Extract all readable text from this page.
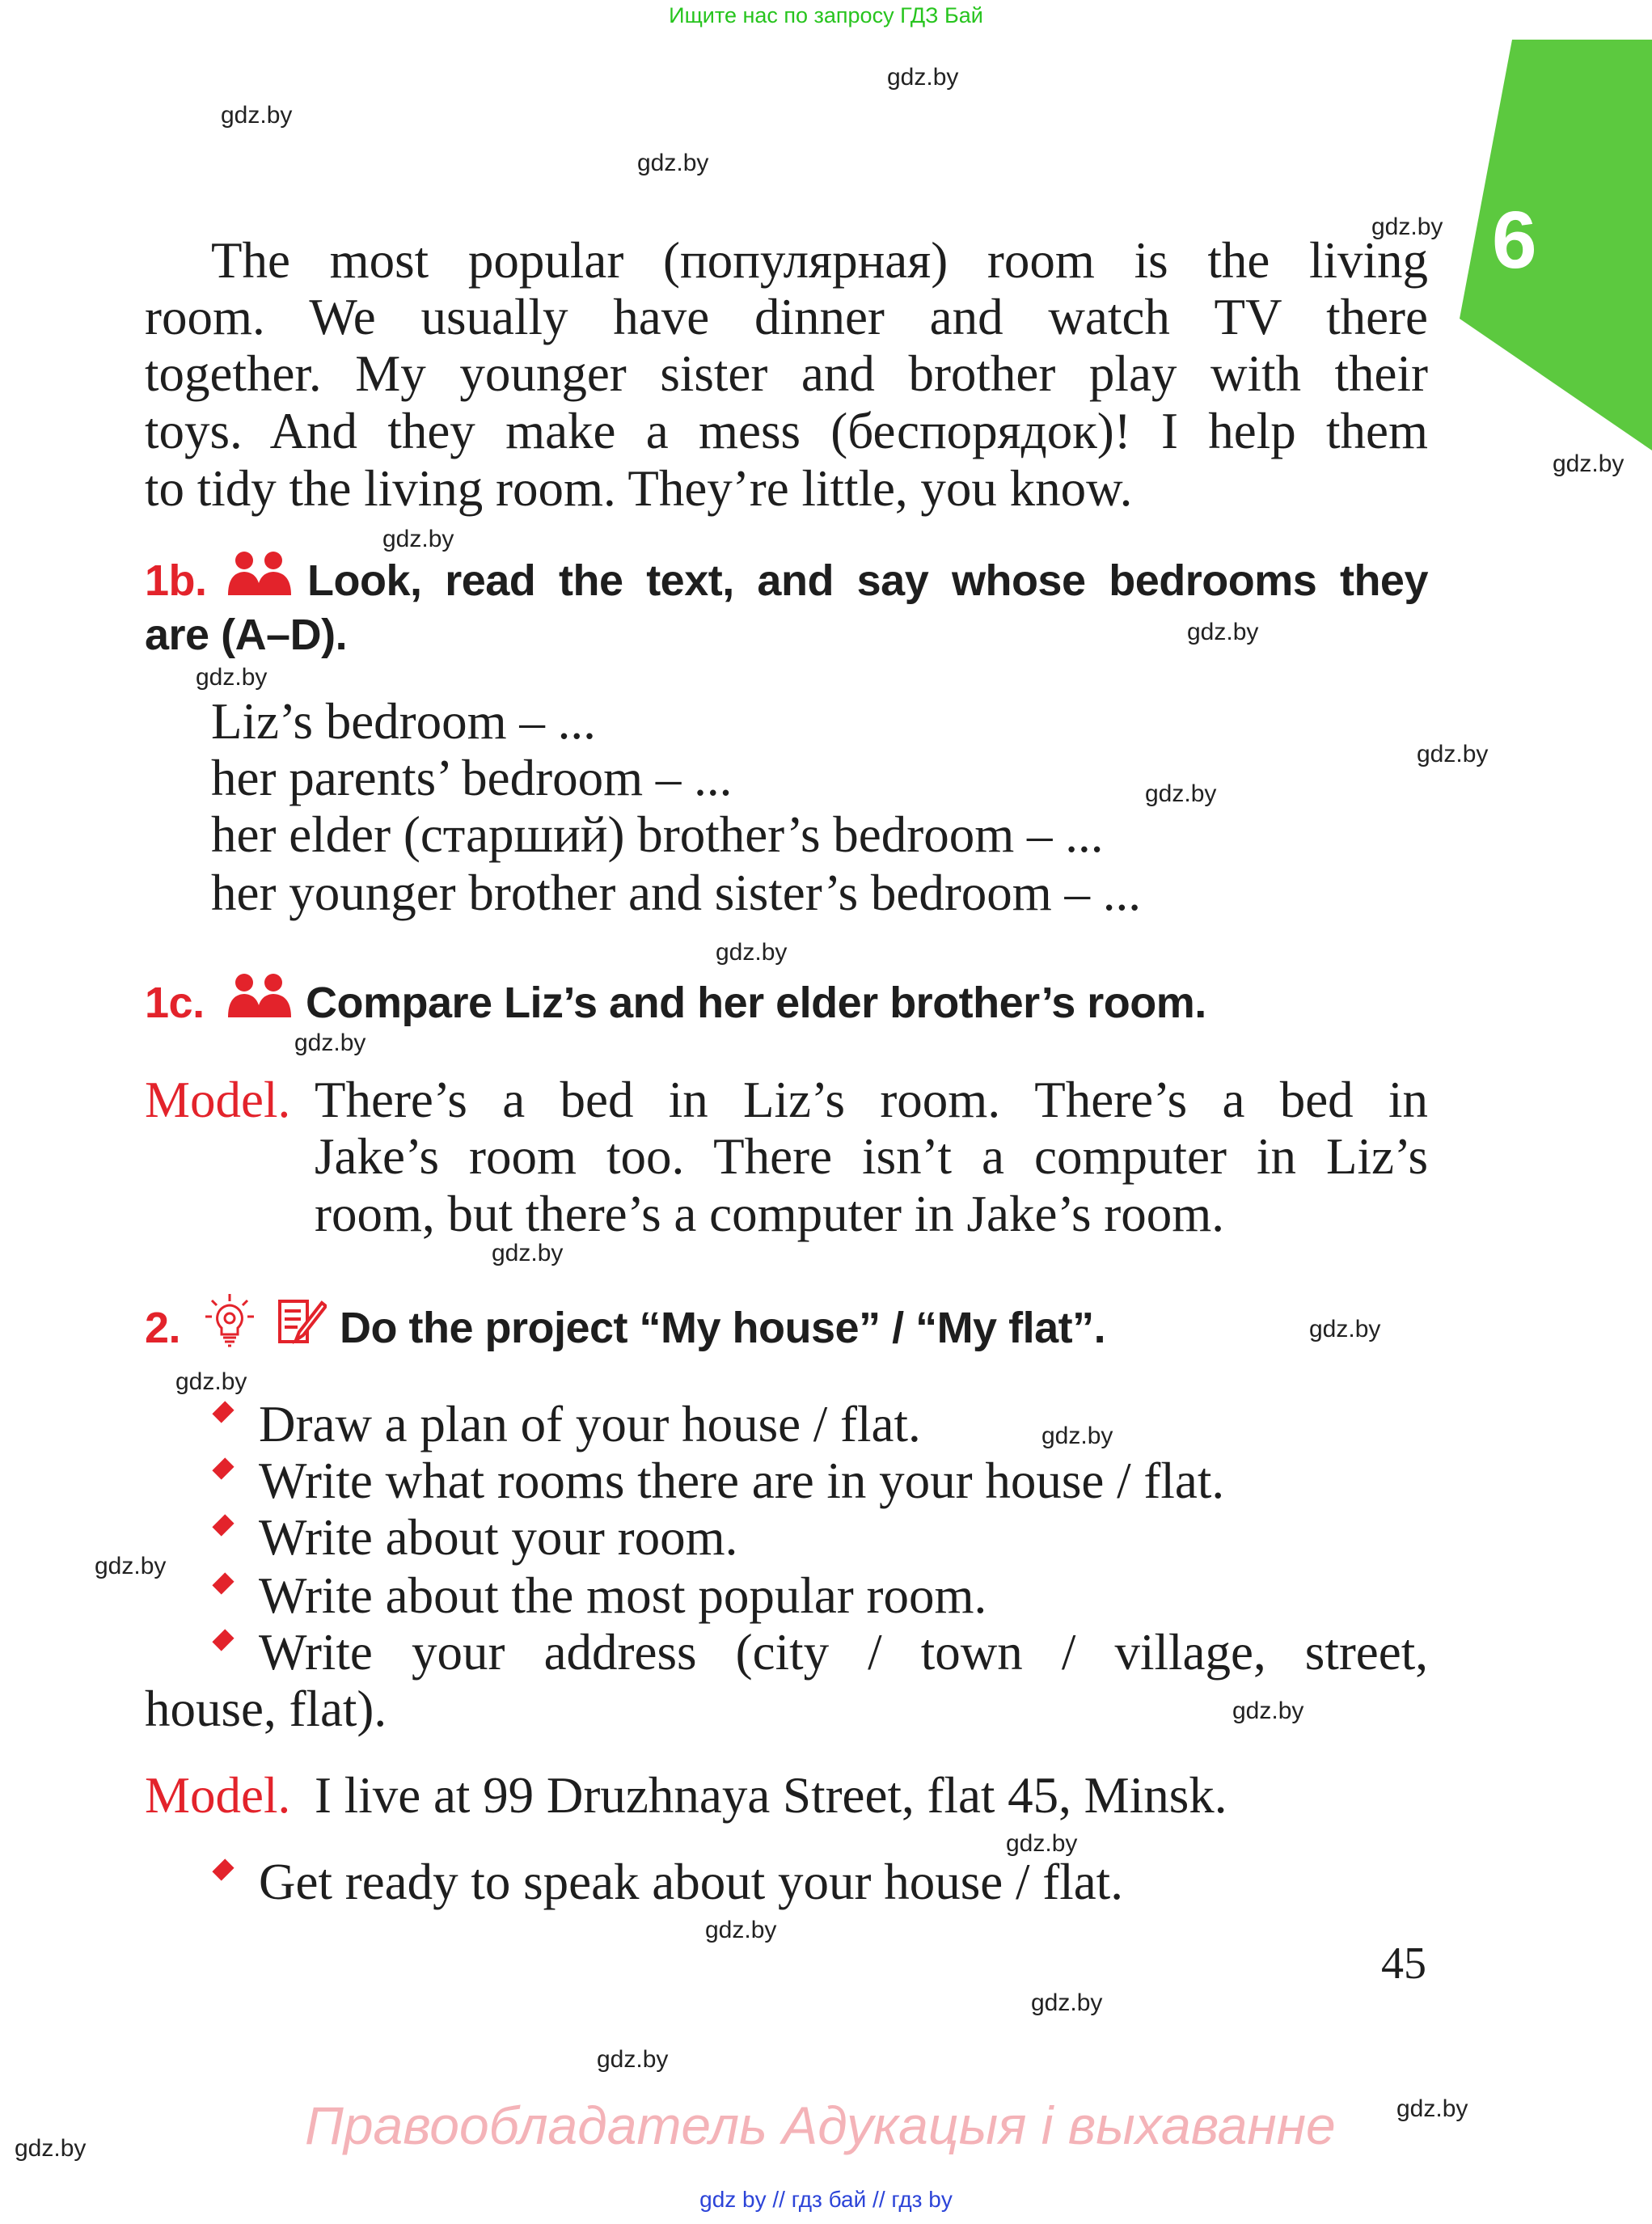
Ищите нас по запросу ГДЗ Бай
6
The most popular (популярная) room is the living
room. We usually have dinner and watch TV there
together. My younger sister and brother play with their
toys. And they make a mess (беспорядок)! I help them
to tidy the living room. They’re little, you know.
1b. Look, read the text, and say whose bedrooms they
are (A–D).
Liz’s bedroom – ...
her parents’ bedroom – ...
her elder (старший) brother’s bedroom – ...
her younger brother and sister’s bedroom – ...
1c. Compare Liz’s and her elder brother’s room.
Model. There’s a bed in Liz’s room. There’s a bed in
Jake’s room too. There isn’t a computer in Liz’s
room, but there’s a computer in Jake’s room.
2.	Do the project “My house” / “My flat”.
Draw a plan of your house / flat.
Write what rooms there are in your house / flat.
Write about your room.
Write about the most popular room.
Write your address (city / town / village, street,
house, flat).
Model. I live at 99 Druzhnaya Street, flat 45, Minsk.
Get ready to speak about your house / flat.
45
Правообладатель Адукацыя і выхаванне
gdz by // гдз бай // гдз by
gdz.by
gdz.by
gdz.by
gdz.by
gdz.by
gdz.by
gdz.by
gdz.by
gdz.by
gdz.by
gdz.by
gdz.by
gdz.by
gdz.by
gdz.by
gdz.by
gdz.by
gdz.by
gdz.by
gdz.by
gdz.by
gdz.by
gdz.by
gdz.by
